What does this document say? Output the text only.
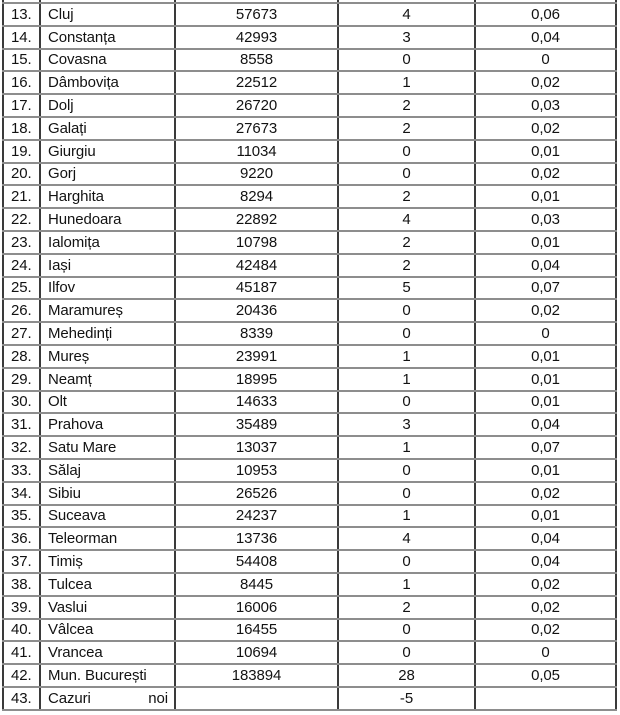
13.	Cluj	57673	4	0,06
14.	Constanța	42993	3	0,04
15.	Covasna	8558	0	0
16.	Dâmbovița	22512	1	0,02
17.	Dolj	26720	2	0,03
18.	Galați	27673	2	0,02
19.	Giurgiu	11034	0	0,01
20.	Gorj	9220	0	0,02
21.	Harghita	8294	2	0,01
22.	Hunedoara	22892	4	0,03
23.	Ialomița	10798	2	0,01
24.	Iași	42484	2	0,04
25.	Ilfov	45187	5	0,07
26.	Maramureș	20436	0	0,02
27.	Mehedinți	8339	0	0
28.	Mureș	23991	1	0,01
29.	Neamț	18995	1	0,01
30.	Olt	14633	0	0,01
31.	Prahova	35489	3	0,04
32.	Satu Mare	13037	1	0,07
33.	Sălaj	10953	0	0,01
34.	Sibiu	26526	0	0,02
35.	Suceava	24237	1	0,01
36.	Teleorman	13736	4	0,04
37.	Timiș	54408	0	0,04
38.	Tulcea	8445	1	0,02
39.	Vaslui	16006	2	0,02
40.	Vâlcea	16455	0	0,02
41.	Vrancea	10694	0	0
42.	Mun. București	183894	28	0,05
43.	Cazuri noi		-5	
